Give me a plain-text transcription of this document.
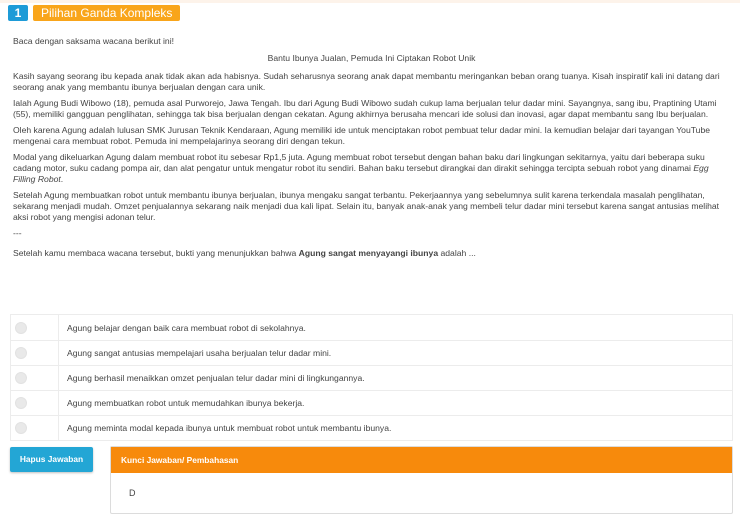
1	Pilihan Ganda Kompleks

Baca dengan saksama wacana berikut ini!

Bantu Ibunya Jualan, Pemuda Ini Ciptakan Robot Unik

Kasih sayang seorang ibu kepada anak tidak akan ada habisnya. Sudah seharusnya seorang anak dapat membantu meringankan beban orang tuanya. Kisah inspiratif kali ini datang dari seorang anak yang membantu ibunya berjualan dengan cara unik.

Ialah Agung Budi Wibowo (18), pemuda asal Purworejo, Jawa Tengah. Ibu dari Agung Budi Wibowo sudah cukup lama berjualan telur dadar mini. Sayangnya, sang ibu, Praptining Utami (55), memiliki gangguan penglihatan, sehingga tak bisa berjualan dengan cekatan. Agung akhirnya berusaha mencari ide solusi dan inovasi, agar dapat membantu sang Ibu berjualan.

Oleh karena Agung adalah lulusan SMK Jurusan Teknik Kendaraan, Agung memiliki ide untuk menciptakan robot pembuat telur dadar mini. Ia kemudian belajar dari tayangan YouTube mengenai cara membuat robot. Pemuda ini mempelajarinya seorang diri dengan tekun.

Modal yang dikeluarkan Agung dalam membuat robot itu sebesar Rp1,5 juta. Agung membuat robot tersebut dengan bahan baku dari lingkungan sekitarnya, yaitu dari beberapa suku cadang motor, suku cadang pompa air, dan alat pengatur untuk mengatur robot itu sendiri. Bahan baku tersebut dirangkai dan dirakit sehingga tercipta sebuah robot yang dinamai Egg Filling Robot.

Setelah Agung membuatkan robot untuk membantu ibunya berjualan, ibunya mengaku sangat terbantu. Pekerjaannya yang sebelumnya sulit karena terkendala masalah penglihatan, sekarang menjadi mudah. Omzet penjualannya sekarang naik menjadi dua kali lipat. Selain itu, banyak anak-anak yang membeli telur dadar mini tersebut karena sangat antusias melihat aksi robot yang mengisi adonan telur.

---

Setelah kamu membaca wacana tersebut, bukti yang menunjukkan bahwa Agung sangat menyayangi ibunya adalah ...

Agung belajar dengan baik cara membuat robot di sekolahnya.
Agung sangat antusias mempelajari usaha berjualan telur dadar mini.
Agung berhasil menaikkan omzet penjualan telur dadar mini di lingkungannya.
Agung membuatkan robot untuk memudahkan ibunya bekerja.
Agung meminta modal kepada ibunya untuk membuat robot untuk membantu ibunya.
Hapus Jawaban	Kunci Jawaban/ Pembahasan
D
